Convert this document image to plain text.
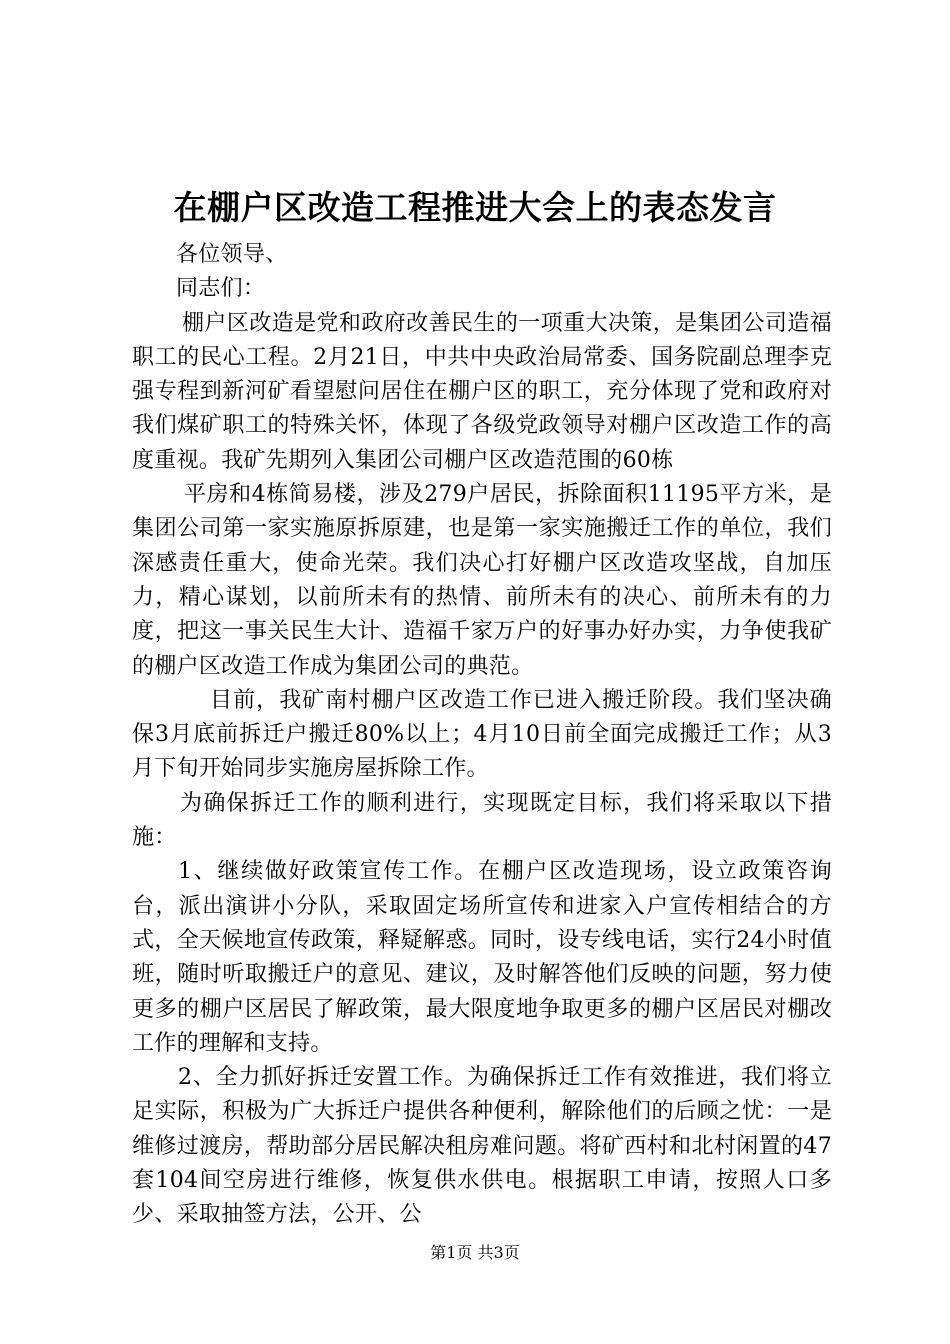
在棚户区改造工程推进大会上的表态发言

各位领导、

同志们：

棚户区改造是党和政府改善民生的一项重大决策，是集团公司造福职工的民心工程。2月21日，中共中央政治局常委、国务院副总理李克强专程到新河矿看望慰问居住在棚户区的职工，充分体现了党和政府对我们煤矿职工的特殊关怀，体现了各级党政领导对棚户区改造工作的高度重视。我矿先期列入集团公司棚户区改造范围的60栋

平房和4栋简易楼，涉及279户居民，拆除面积11195平方米，是集团公司第一家实施原拆原建，也是第一家实施搬迁工作的单位，我们深感责任重大，使命光荣。我们决心打好棚户区改造攻坚战，自加压力，精心谋划，以前所未有的热情、前所未有的决心、前所未有的力度，把这一事关民生大计、造福千家万户的好事办好办实，力争使我矿的棚户区改造工作成为集团公司的典范。

目前，我矿南村棚户区改造工作已进入搬迁阶段。我们坚决确保3月底前拆迁户搬迁80%以上；4月10日前全面完成搬迁工作；从3月下旬开始同步实施房屋拆除工作。

为确保拆迁工作的顺利进行，实现既定目标，我们将采取以下措施：

1、继续做好政策宣传工作。在棚户区改造现场，设立政策咨询台，派出演讲小分队，采取固定场所宣传和进家入户宣传相结合的方式，全天候地宣传政策，释疑解惑。同时，设专线电话，实行24小时值班，随时听取搬迁户的意见、建议，及时解答他们反映的问题，努力使更多的棚户区居民了解政策，最大限度地争取更多的棚户区居民对棚改工作的理解和支持。

2、全力抓好拆迁安置工作。为确保拆迁工作有效推进，我们将立足实际，积极为广大拆迁户提供各种便利，解除他们的后顾之忧：一是维修过渡房，帮助部分居民解决租房难问题。将矿西村和北村闲置的47套104间空房进行维修，恢复供水供电。根据职工申请，按照人口多少、采取抽签方法，公开、公

第1页 共3页
